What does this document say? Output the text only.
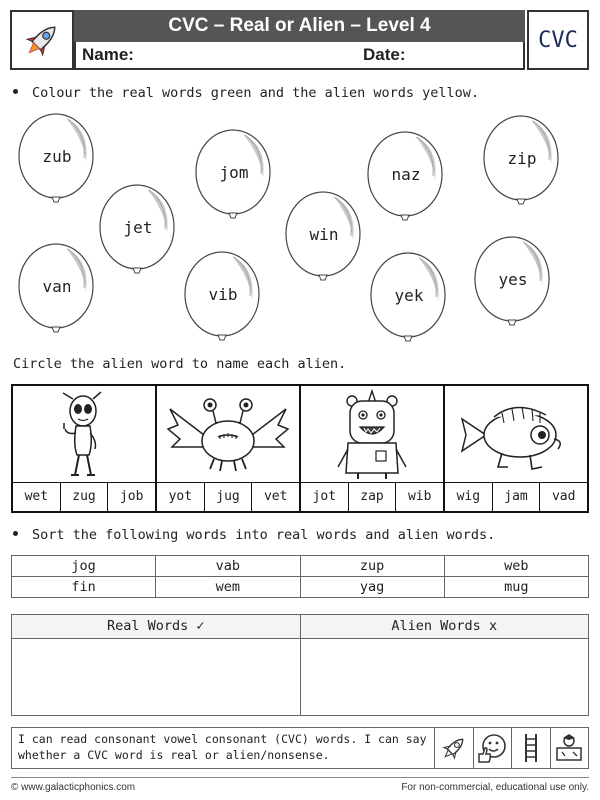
CVC – Real or Alien – Level 4
Name:	Date:
CVC
Colour the real words green and the alien words yellow.
zub
jet
van
jom
vib
win
naz
yek
zip
yes
Circle the alien word to name each alien.
wet	zug	job	yot	jug	vet	jot	zap	wib	wig	jam	vad
Sort the following words into real words and alien words.
jog	vab	zup	web
fin	wem	yag	mug
Real Words ✓	Alien Words x
I can read consonant vowel consonant (CVC) words. I can say whether a CVC word is real or alien/nonsense.
© www.galacticphonics.com	For non-commercial, educational use only.
